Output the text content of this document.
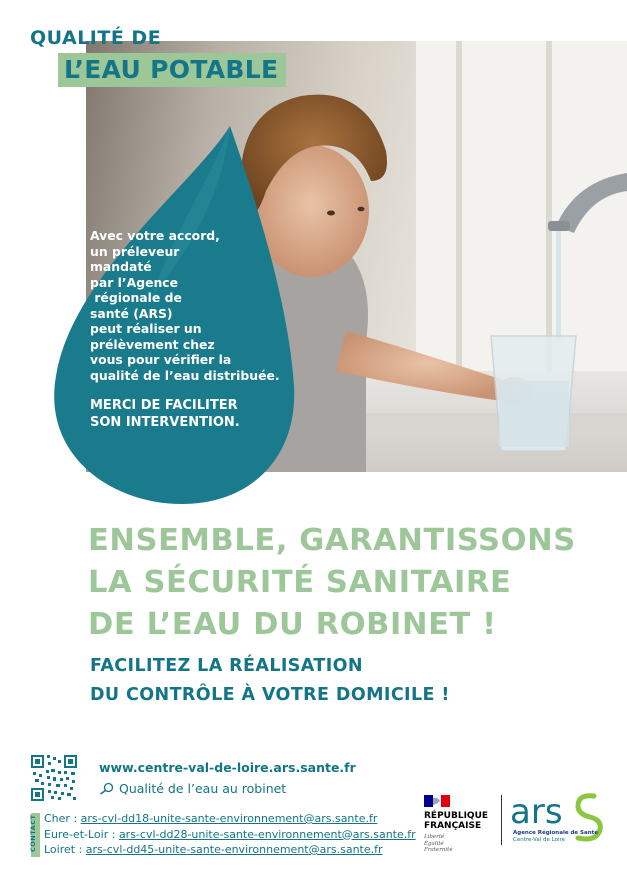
QUALITÉ DE
L’EAU POTABLE
Avec votre accord,
un préleveur
mandaté
par l’Agence
régionale de
santé (ARS)
peut réaliser un
prélèvement chez
vous pour vérifier la
qualité de l’eau distribuée.
MERCI DE FACILITER
SON INTERVENTION.
ENSEMBLE, GARANTISSONS
LA SÉCURITÉ SANITAIRE
DE L’EAU DU ROBINET !
FACILITEZ LA RÉALISATION
DU CONTRÔLE À VOTRE DOMICILE !
www.centre-val-de-loire.ars.sante.fr
Qualité de l’eau au robinet
CONTACT Cher : ars-cvl-dd18-unite-sante-environnement@ars.sante.fr
Eure-et-Loir : ars-cvl-dd28-unite-sante-environnement@ars.sante.fr
Loiret : ars-cvl-dd45-unite-sante-environnement@ars.sante.fr
RÉPUBLIQUE
FRANÇAISE
Liberté
Égalité
Fraternité
ars
Agence Régionale de Santé
Centre-Val de Loire
